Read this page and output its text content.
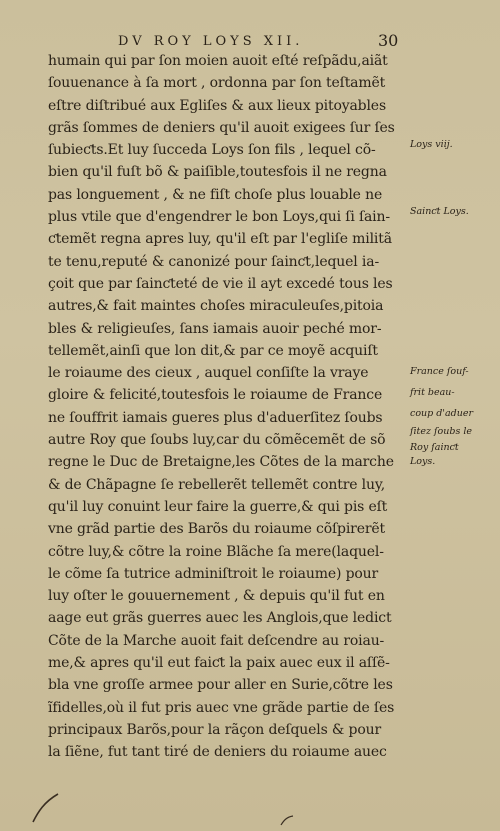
DV ROY LOYS XII.	30
humain qui par ſon moien auoit eſté reſpãdu,aiãt
ſouuenance à ſa mort , ordonna par ſon teſtamẽt
eſtre diſtribué aux Egliſes & aux lieux pitoyables
grãs ſommes de deniers qu'il auoit exigees ſur ſes
ſubieƈts.Et luy ſucceda Loys ſon fils , lequel cõ-
bien qu'il fuſt bõ & paiſible,toutesfois il ne regna
pas longuement , & ne fiſt choſe plus louable ne
plus vtile que d'engendrer le bon Loys,qui ſi ſain-
ƈtemẽt regna apres luy, qu'il eſt par l'egliſe militã
te tenu,reputé & canonizé pour ſainƈt,lequel ia-
çoit que par ſainƈteté de vie il ayt excedé tous les
autres,& fait maintes choſes miraculeuſes,pitoia
bles & religieuſes, ſans iamais auoir peché mor-
tellemẽt,ainſi que lon dit,& par ce moyẽ acquiſt
le roiaume des cieux , auquel conſiſte la vraye
gloire & felicité,toutesfois le roiaume de France
ne ſouffrit iamais gueres plus d'aduerſitez ſoubs
autre Roy que ſoubs luy,car du cõmẽcemẽt de sõ
regne le Duc de Bretaigne,les Cõtes de la marche
& de Chãpagne ſe rebellerẽt tellemẽt contre luy,
qu'il luy conuint leur faire la guerre,& qui pis eſt
vne grãd partie des Barõs du roiaume cõſpirerẽt
cõtre luy,& cõtre la roine Blãche ſa mere(laquel-
le cõme ſa tutrice adminiſtroit le roiaume) pour
luy oſter le gouuernement , & depuis qu'il fut en
aage eut grãs guerres auec les Anglois,que ledict
Cõte de la Marche auoit fait deſcendre au roiau-
me,& apres qu'il eut faiƈt la paix auec eux il aſſẽ-
bla vne groſſe armee pour aller en Surie,cõtre les
ĩfidelles,où il fut pris auec vne grãde partie de ſes
principaux Barõs,pour la rãçon deſquels & pour
la ſiẽne, fut tant tiré de deniers du roiaume auec
Loys viij.
Sainƈt Loys.
France ſouf-
frit beau-
coup d'aduer
ſitez ſoubs le
Roy ſainƈt
Loys.
